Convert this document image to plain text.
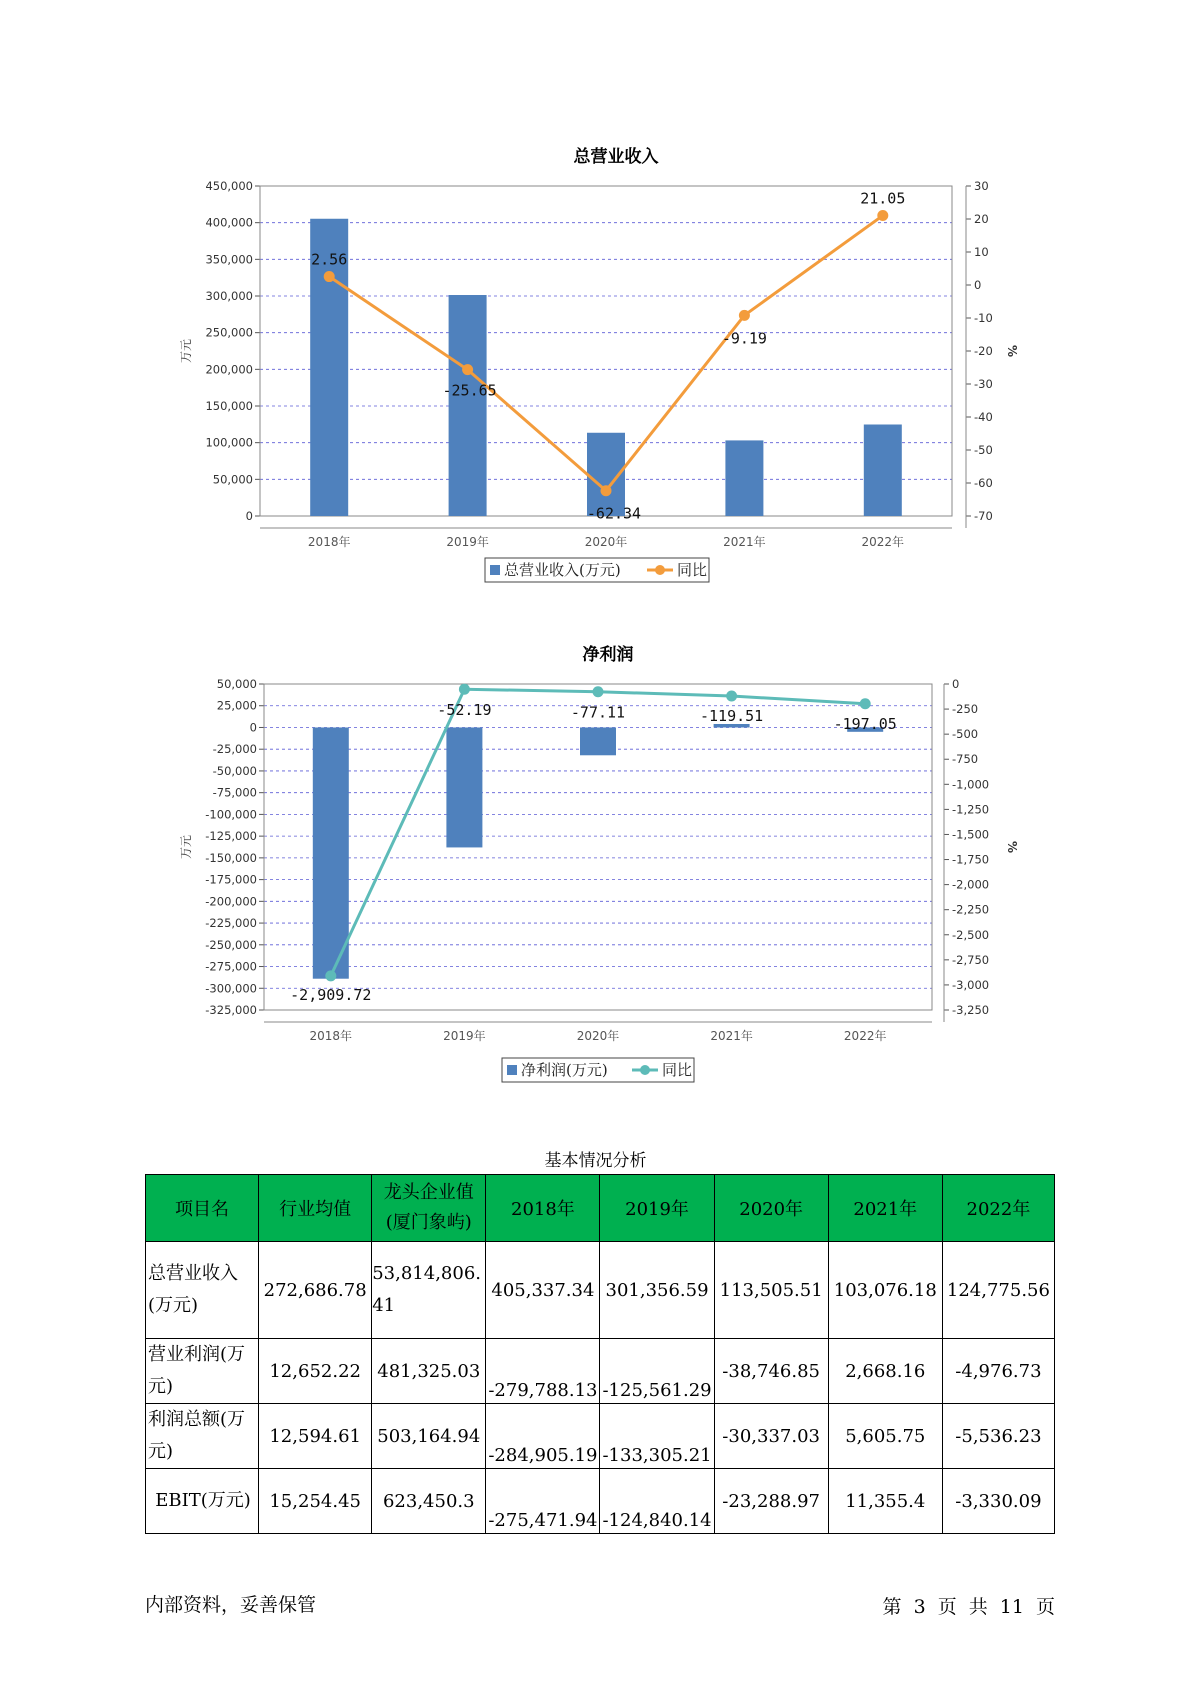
总营业收入
0
50,000
100,000
150,000
200,000
250,000
300,000
350,000
400,000
450,000
-70
-60
-50
-40
-30
-20
-10
0
10
20
30
万元	%
2018年	2019年	2020年	2021年	2022年
2.56
-25.65
-62.34
-9.19
21.05
总营业收入(万元)	同比
净利润
-325,000
-300,000
-275,000
-250,000
-225,000
-200,000
-175,000
-150,000
-125,000
-100,000
-75,000
-50,000
-25,000
0
25,000
50,000
-3,250
-3,000
-2,750
-2,500
-2,250
-2,000
-1,750
-1,500
-1,250
-1,000
-750
-500
-250
0
万元	%
2018年	2019年	2020年	2021年	2022年
-2,909.72
-52.19	-77.11	-119.51	-197.05
净利润(万元)	同比
基本情况分析
项目名	行业均值	龙头企业值(厦门象屿)	2018年	2019年	2020年	2021年	2022年
总营业收入(万元)	272,686.78	53,814,806.41	405,337.34	301,356.59	113,505.51	103,076.18	124,775.56
营业利润(万元)	12,652.22	481,325.03	-279,788.13	-125,561.29	-38,746.85	2,668.16	-4,976.73
利润总额(万元)	12,594.61	503,164.94	-284,905.19	-133,305.21	-30,337.03	5,605.75	-5,536.23
EBIT(万元)	15,254.45	623,450.3	-275,471.94	-124,840.14	-23,288.97	11,355.4	-3,330.09
内部资料，妥善保管	第 3 页 共 11 页
